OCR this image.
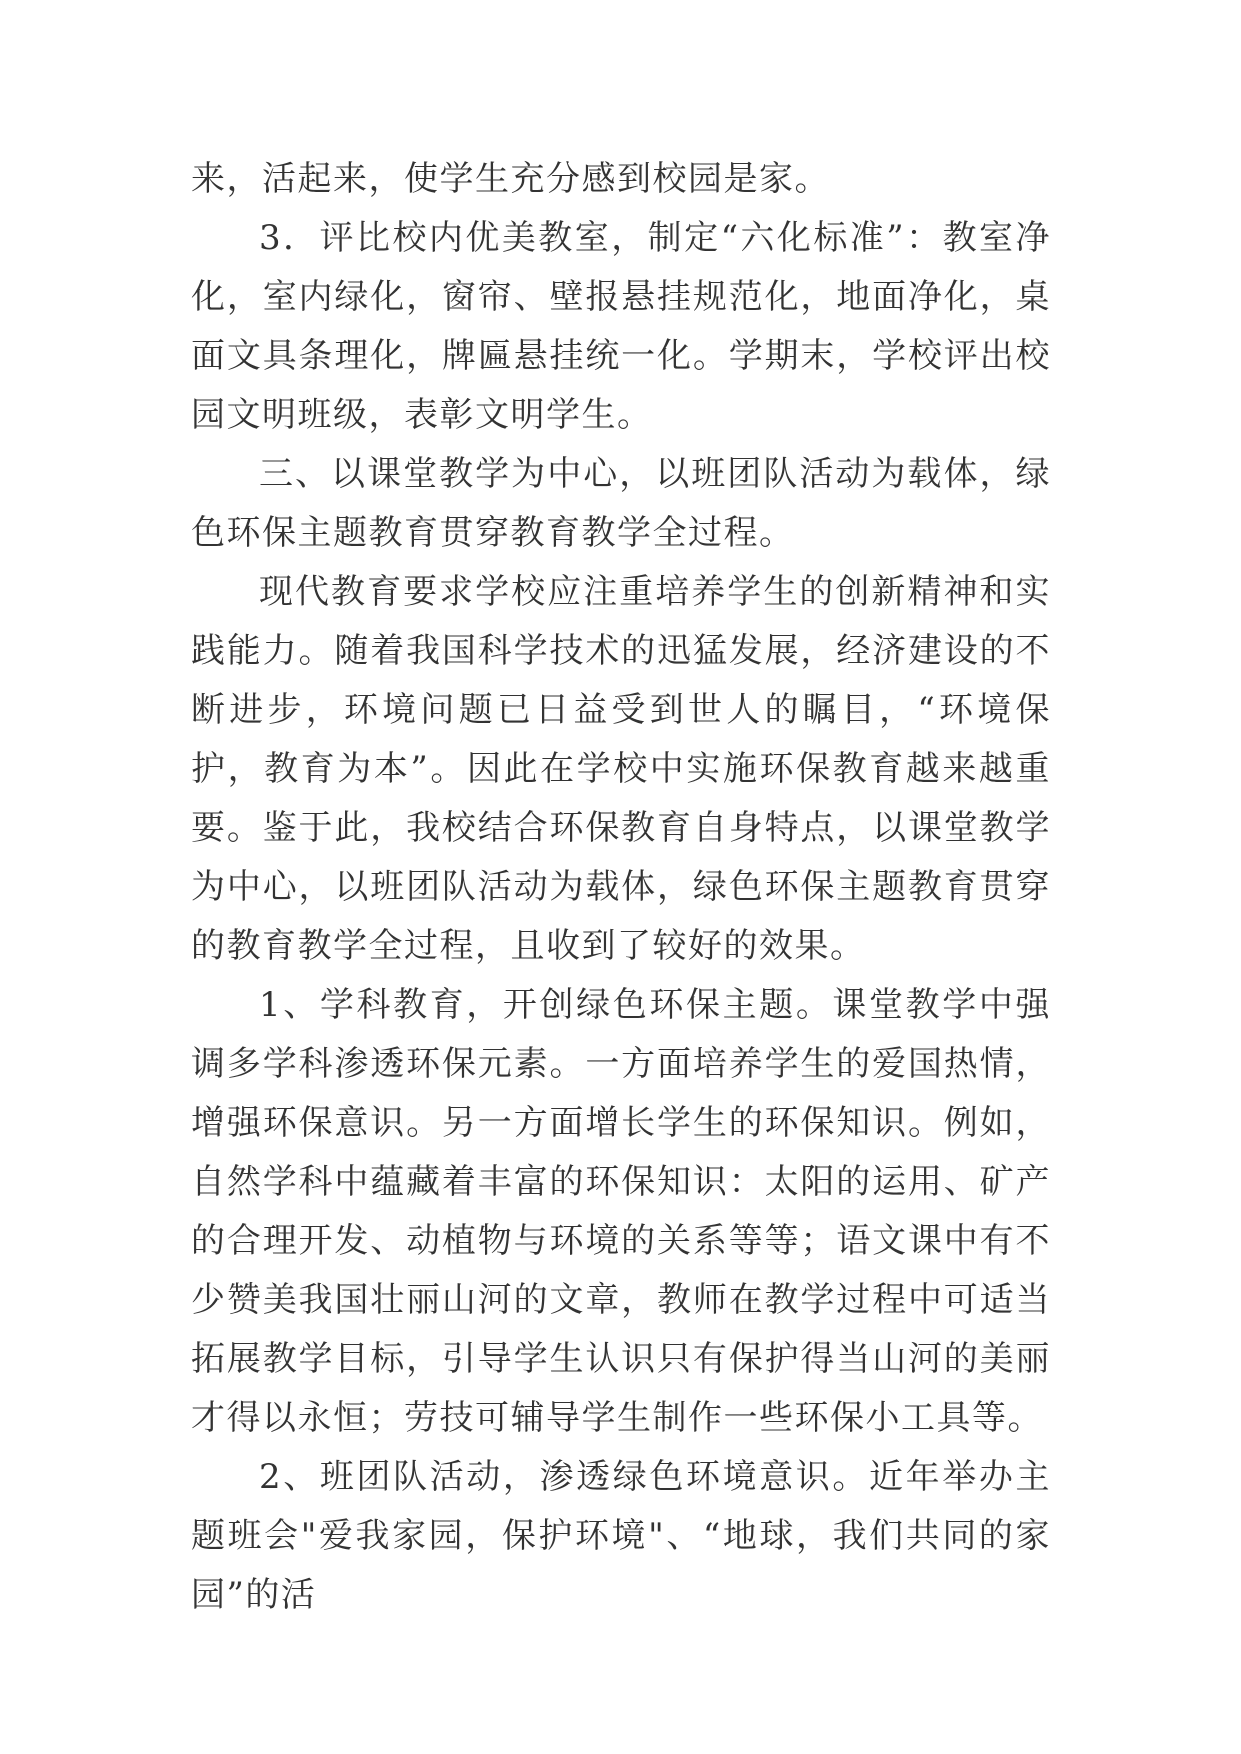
来，活起来，使学生充分感到校园是家。

3．评比校内优美教室，制定“六化标准”：教室净化，室内绿化，窗帘、壁报悬挂规范化，地面净化，桌面文具条理化，牌匾悬挂统一化。学期末，学校评出校园文明班级，表彰文明学生。

三、以课堂教学为中心，以班团队活动为载体，绿色环保主题教育贯穿教育教学全过程。

现代教育要求学校应注重培养学生的创新精神和实践能力。随着我国科学技术的迅猛发展，经济建设的不断进步，环境问题已日益受到世人的瞩目，“环境保护，教育为本”。因此在学校中实施环保教育越来越重要。鉴于此，我校结合环保教育自身特点，以课堂教学为中心，以班团队活动为载体，绿色环保主题教育贯穿的教育教学全过程，且收到了较好的效果。

1、学科教育，开创绿色环保主题。课堂教学中强调多学科渗透环保元素。一方面培养学生的爱国热情，增强环保意识。另一方面增长学生的环保知识。例如，自然学科中蕴藏着丰富的环保知识：太阳的运用、矿产的合理开发、动植物与环境的关系等等；语文课中有不少赞美我国壮丽山河的文章，教师在教学过程中可适当拓展教学目标，引导学生认识只有保护得当山河的美丽才得以永恒；劳技可辅导学生制作一些环保小工具等。

2、班团队活动，渗透绿色环境意识。近年举办主题班会"爱我家园，保护环境"、“地球，我们共同的家园”的活
